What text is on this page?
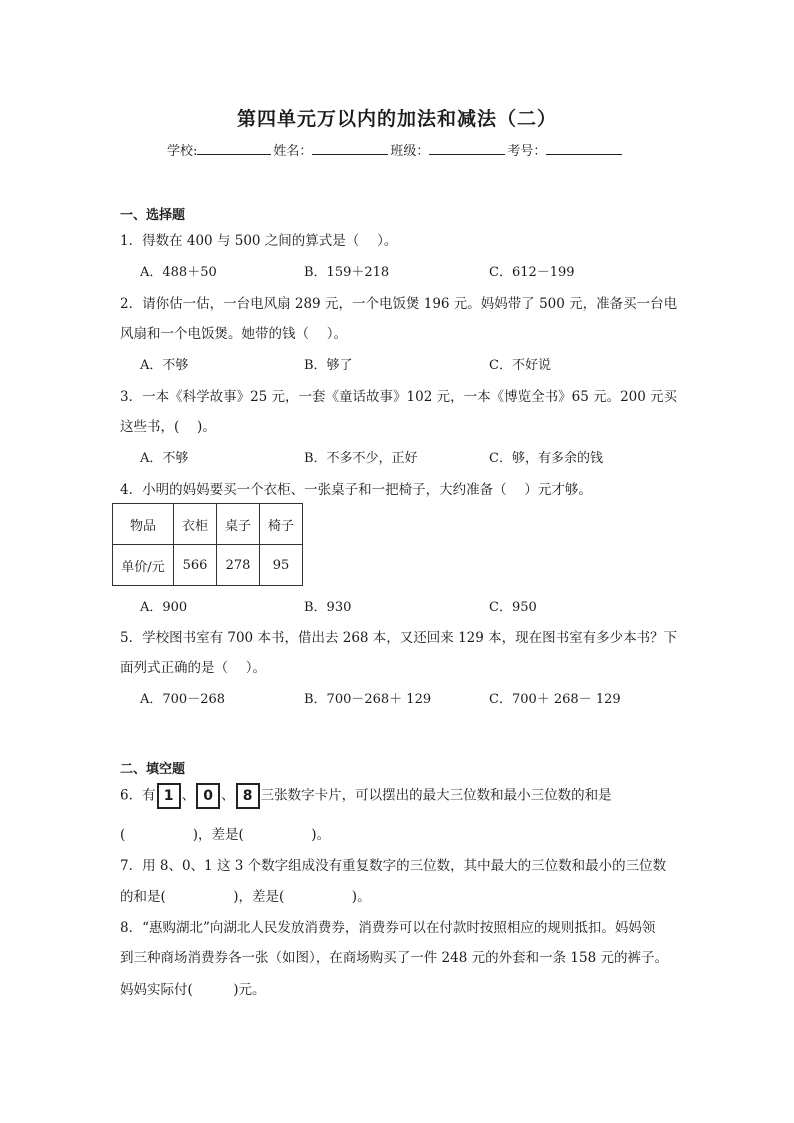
第四单元万以内的加法和减法（二）
学校:	姓名：	班级：	考号：
一、选择题
1．得数在 400 与 500 之间的算式是（　 ）。
A．488＋50	B．159＋218	C．612－199
2．请你估一估，一台电风扇 289 元，一个电饭煲 196 元。妈妈带了 500 元，准备买一台电
风扇和一个电饭煲。她带的钱（　 ）。
A．不够	B．够了	C．不好说
3．一本《科学故事》25 元，一套《童话故事》102 元，一本《博览全书》65 元。200 元买
这些书，(　 )。
A．不够	B．不多不少，正好	C．够，有多余的钱
4．小明的妈妈要买一个衣柜、一张桌子和一把椅子，大约准备（　 ）元才够。
物品	衣柜	桌子	椅子
单价/元	566	278	95
A．900	B．930	C．950
5．学校图书室有 700 本书，借出去 268 本，又还回来 129 本，现在图书室有多少本书？下
面列式正确的是（　 ）。
A．700－268	B．700－268＋ 129	C．700＋ 268－ 129
二、填空题
6．有 1 、 0 、 8 三张数字卡片，可以摆出的最大三位数和最小三位数的和是
(　　　　　)，差是(　　　　　)。
7．用 8、0、1 这 3 个数字组成没有重复数字的三位数，其中最大的三位数和最小的三位数
的和是(　　　　　)，差是(　　　　　)。
8．“惠购湖北”向湖北人民发放消费券，消费券可以在付款时按照相应的规则抵扣。妈妈领
到三种商场消费券各一张（如图），在商场购买了一件 248 元的外套和一条 158 元的裤子。
妈妈实际付(　　　)元。
